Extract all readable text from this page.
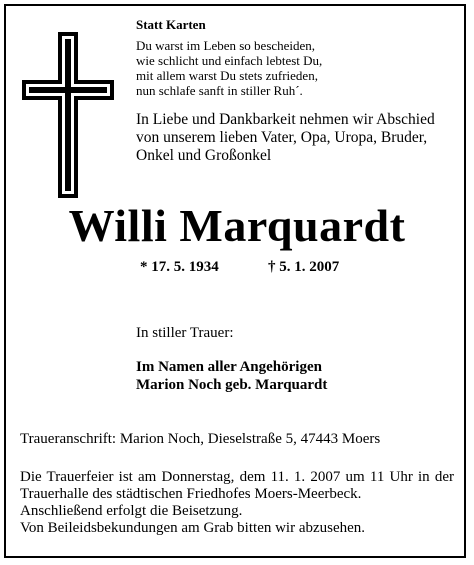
Statt Karten
Du warst im Leben so bescheiden,
wie schlicht und einfach lebtest Du,
mit allem warst Du stets zufrieden,
nun schlafe sanft in stiller Ruh´.
In Liebe und Dankbarkeit nehmen wir Abschied
von unserem lieben Vater, Opa, Uropa, Bruder,
Onkel und Großonkel
Willi Marquardt
* 17. 5. 1934	† 5. 1. 2007
In stiller Trauer:
Im Namen aller Angehörigen
Marion Noch geb. Marquardt
Traueranschrift: Marion Noch, Dieselstraße 5, 47443 Moers
Die Trauerfeier ist am Donnerstag, dem 11. 1. 2007 um 11 Uhr in der
Trauerhalle des städtischen Friedhofes Moers-Meerbeck.
Anschließend erfolgt die Beisetzung.
Von Beileidsbekundungen am Grab bitten wir abzusehen.
